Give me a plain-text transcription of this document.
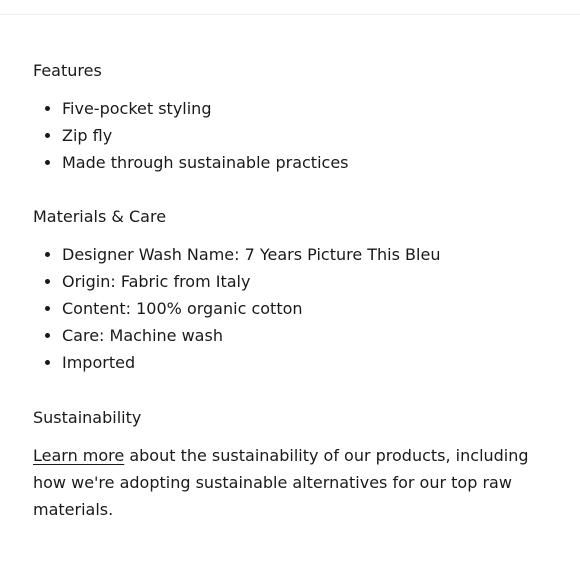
Features
Five-pocket styling
Zip fly
Made through sustainable practices
Materials & Care
Designer Wash Name: 7 Years Picture This Bleu
Origin: Fabric from Italy
Content: 100% organic cotton
Care: Machine wash
Imported
Sustainability

Learn more about the sustainability of our products, including how we're adopting sustainable alternatives for our top raw materials.
